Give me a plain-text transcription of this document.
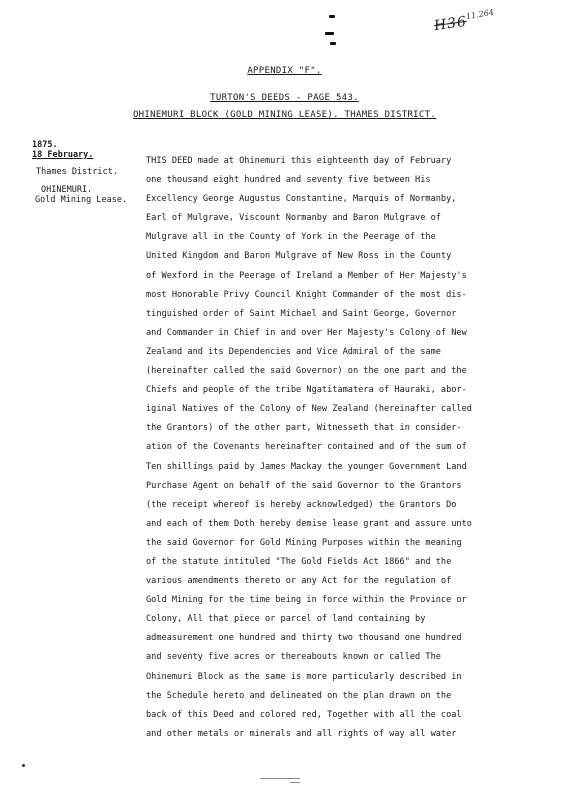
H36
11.264
APPENDIX "F".
TURTON'S DEEDS - PAGE 543.
OHINEMURI BLOCK (GOLD MINING LEASE). THAMES DISTRICT.
1875.
18 February.
Thames District.
OHINEMURI.
Gold Mining Lease.
THIS DEED made at Ohinemuri this eighteenth day of February
one thousand eight hundred and seventy five between His
Excellency George Augustus Constantine, Marquis of Normanby,
Earl of Mulgrave, Viscount Normanby and Baron Mulgrave of
Mulgrave all in the County of York in the Peerage of the
United Kingdom and Baron Mulgrave of New Ross in the County
of Wexford in the Peerage of Ireland a Member of Her Majesty's
most Honorable Privy Council Knight Commander of the most dis-
tinguished order of Saint Michael and Saint George, Governor
and Commander in Chief in and over Her Majesty's Colony of New
Zealand and its Dependencies and Vice Admiral of the same
(hereinafter called the said Governor) on the one part and the
Chiefs and people of the tribe Ngatitamatera of Hauraki, abor-
iginal Natives of the Colony of New Zealand (hereinafter called
the Grantors) of the other part, Witnesseth that in consider-
ation of the Covenants hereinafter contained and of the sum of
Ten shillings paid by James Mackay the younger Government Land
Purchase Agent on behalf of the said Governor to the Grantors
(the receipt whereof is hereby acknowledged) the Grantors Do
and each of them Doth hereby demise lease grant and assure unto
the said Governor for Gold Mining Purposes within the meaning
of the statute intituled "The Gold Fields Act 1866" and the
various amendments thereto or any Act for the regulation of
Gold Mining for the time being in force within the Province or
Colony, All that piece or parcel of land containing by
admeasurement one hundred and thirty two thousand one hundred
and seventy five acres or thereabouts known or called The
Ohinemuri Block as the same is more particularly described in
the Schedule hereto and delineated on the plan drawn on the
back of this Deed and colored red, Together with all the coal
and other metals or minerals and all rights of way all water
